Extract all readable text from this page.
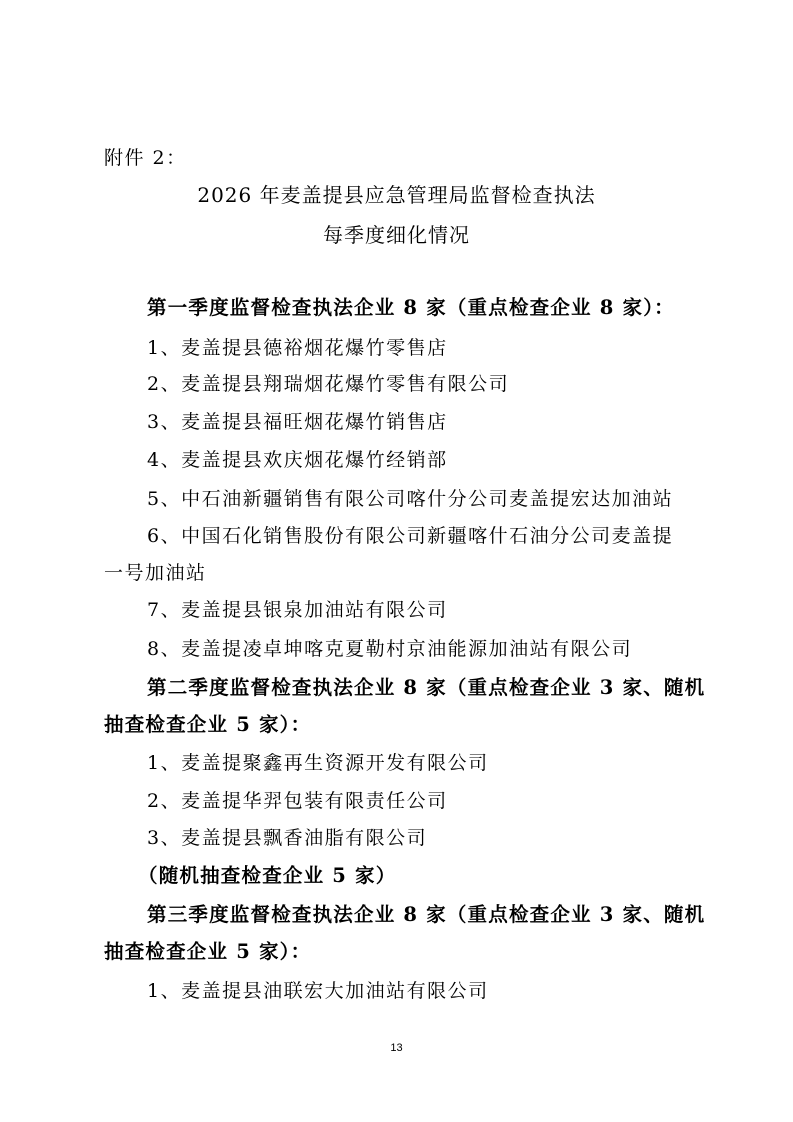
附件 2：
2026 年麦盖提县应急管理局监督检查执法
每季度细化情况
第一季度监督检查执法企业 8 家（重点检查企业 8 家）：
1、麦盖提县德裕烟花爆竹零售店
2、麦盖提县翔瑞烟花爆竹零售有限公司
3、麦盖提县福旺烟花爆竹销售店
4、麦盖提县欢庆烟花爆竹经销部
5、中石油新疆销售有限公司喀什分公司麦盖提宏达加油站
6、中国石化销售股份有限公司新疆喀什石油分公司麦盖提
一号加油站
7、麦盖提县银泉加油站有限公司
8、麦盖提凌卓坤喀克夏勒村京油能源加油站有限公司
第二季度监督检查执法企业 8 家（重点检查企业 3 家、随机
抽查检查企业 5 家）：
1、麦盖提聚鑫再生资源开发有限公司
2、麦盖提华羿包装有限责任公司
3、麦盖提县飘香油脂有限公司
（随机抽查检查企业 5 家）
第三季度监督检查执法企业 8 家（重点检查企业 3 家、随机
抽查检查企业 5 家）：
1、麦盖提县油联宏大加油站有限公司
13
